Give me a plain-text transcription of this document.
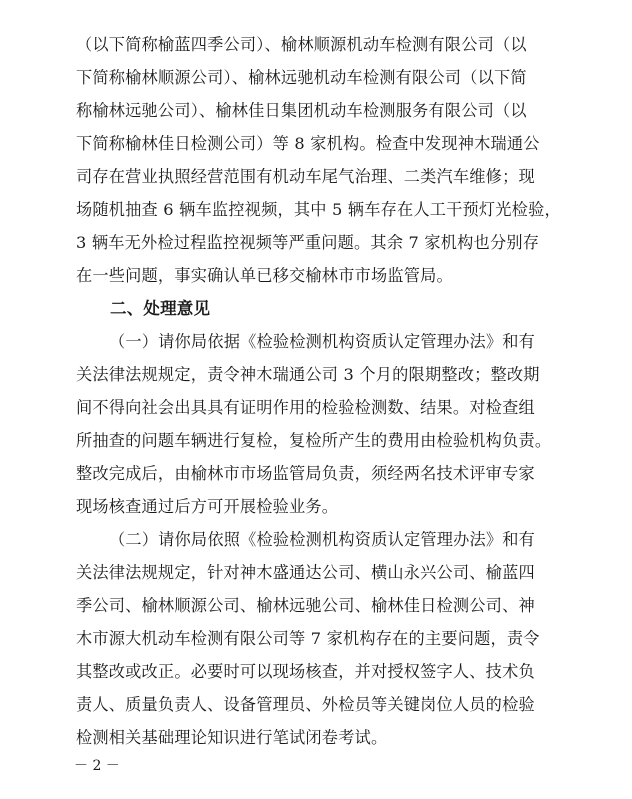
（以下简称榆蓝四季公司）、榆林顺源机动车检测有限公司（以
下简称榆林顺源公司）、榆林远驰机动车检测有限公司（以下简
称榆林远驰公司）、榆林佳日集团机动车检测服务有限公司（以
下简称榆林佳日检测公司）等 8 家机构。检查中发现神木瑞通公
司存在营业执照经营范围有机动车尾气治理、二类汽车维修；现
场随机抽查 6 辆车监控视频，其中 5 辆车存在人工干预灯光检验，
3 辆车无外检过程监控视频等严重问题。其余 7 家机构也分别存
在一些问题，事实确认单已移交榆林市市场监管局。
二、处理意见
（一）请你局依据《检验检测机构资质认定管理办法》和有
关法律法规规定，责令神木瑞通公司 3 个月的限期整改；整改期
间不得向社会出具具有证明作用的检验检测数、结果。对检查组
所抽查的问题车辆进行复检，复检所产生的费用由检验机构负责。
整改完成后，由榆林市市场监管局负责，须经两名技术评审专家
现场核查通过后方可开展检验业务。
（二）请你局依照《检验检测机构资质认定管理办法》和有
关法律法规规定，针对神木盛通达公司、横山永兴公司、榆蓝四
季公司、榆林顺源公司、榆林远驰公司、榆林佳日检测公司、神
木市源大机动车检测有限公司等 7 家机构存在的主要问题，责令
其整改或改正。必要时可以现场核查，并对授权签字人、技术负
责人、质量负责人、设备管理员、外检员等关键岗位人员的检验
检测相关基础理论知识进行笔试闭卷考试。
－ 2 －
